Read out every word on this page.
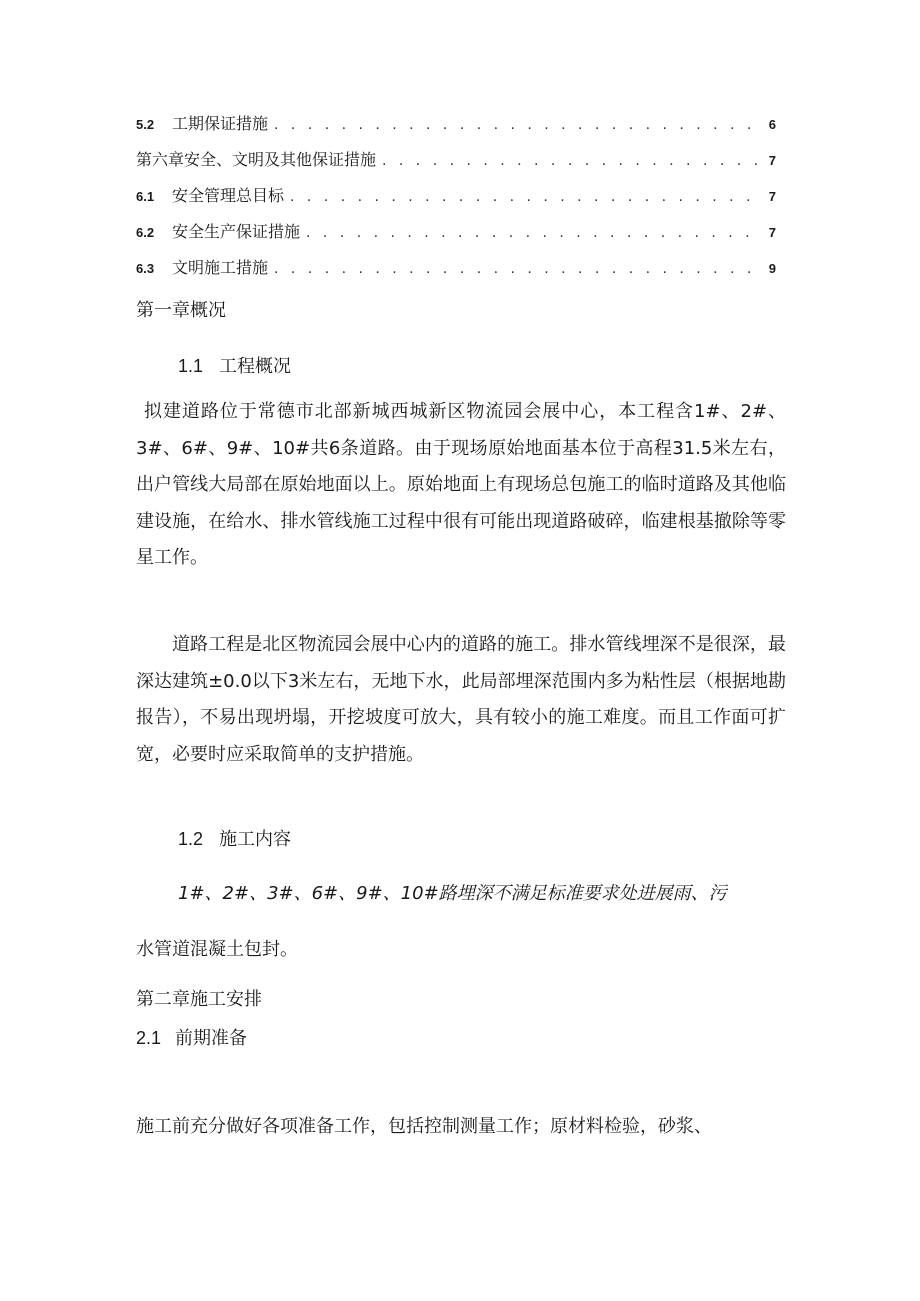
5.2	工期保证措施 . . .	6
第六章安全、文明及其他保证措施 . . .	7
6.1	安全管理总目标 . . .	7
6.2	安全生产保证措施 . . .	7
6.3	文明施工措施 . . .	9
第一章概况
1.1 工程概况

拟建道路位于常德市北部新城西城新区物流园会展中心，本工程含1#、2#、3#、6#、9#、10#共6条道路。由于现场原始地面基本位于高程31.5米左右，出户管线大局部在原始地面以上。原始地面上有现场总包施工的临时道路及其他临建设施，在给水、排水管线施工过程中很有可能出现道路破碎，临建根基撤除等零星工作。

道路工程是北区物流园会展中心内的道路的施工。排水管线埋深不是很深，最深达建筑±0.0以下3米左右，无地下水，此局部埋深范围内多为粘性层（根据地勘报告），不易出现坍塌，开挖坡度可放大，具有较小的施工难度。而且工作面可扩宽，必要时应采取简单的支护措施。

1.2 施工内容

1#、2#、3#、6#、9#、10#路埋深不满足标准要求处进展雨、污

水管道混凝土包封。

第二章施工安排
2.1 前期准备

施工前充分做好各项准备工作，包括控制测量工作；原材料检验，砂浆、
